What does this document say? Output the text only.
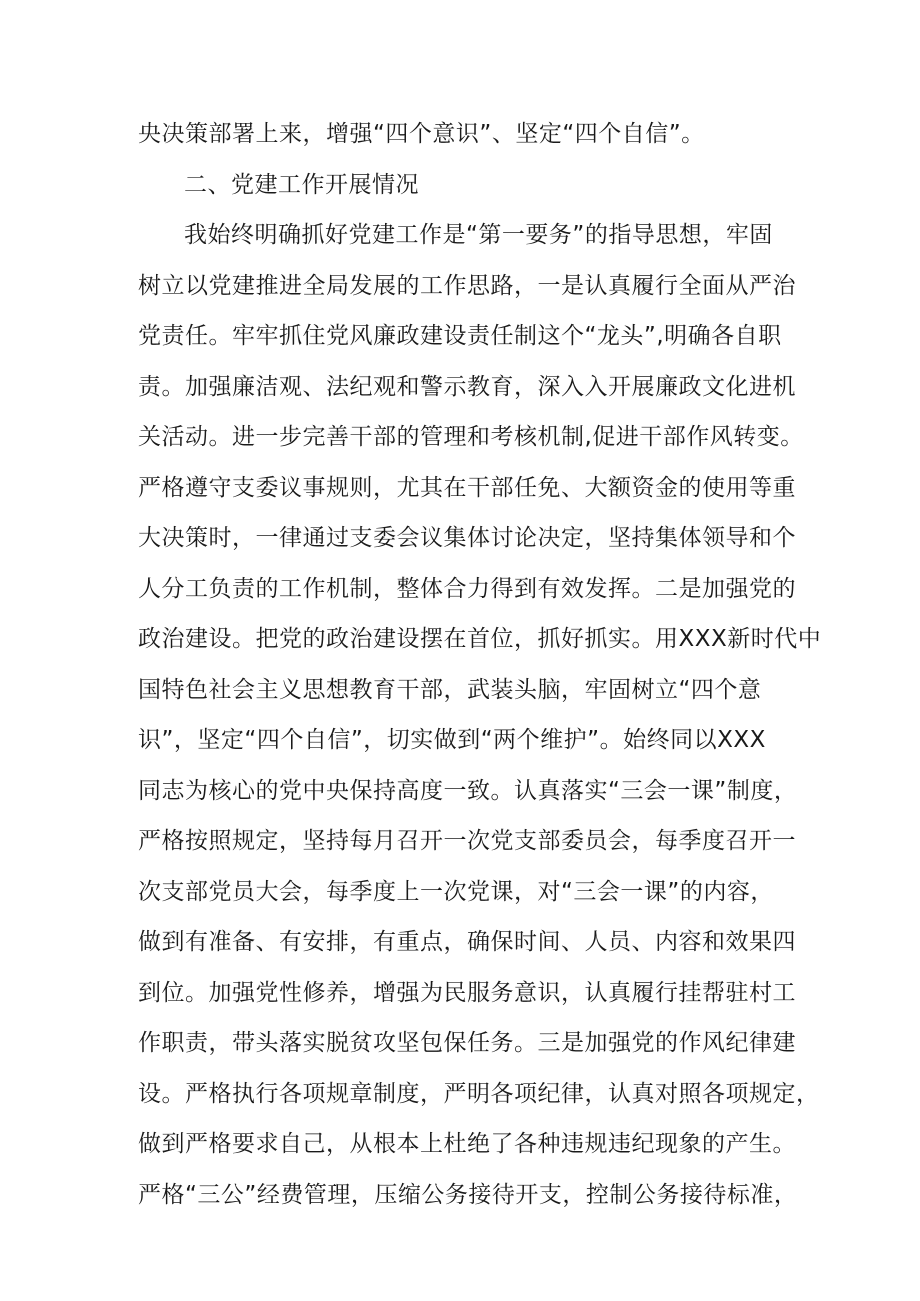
央决策部署上来，增强“四个意识”、坚定“四个自信”。
二、党建工作开展情况
我始终明确抓好党建工作是“第一要务”的指导思想，牢固
树立以党建推进全局发展的工作思路，一是认真履行全面从严治
党责任。牢牢抓住党风廉政建设责任制这个“龙头”,明确各自职
责。加强廉洁观、法纪观和警示教育，深入入开展廉政文化进机
关活动。进一步完善干部的管理和考核机制,促进干部作风转变。
严格遵守支委议事规则，尤其在干部任免、大额资金的使用等重
大决策时，一律通过支委会议集体讨论决定，坚持集体领导和个
人分工负责的工作机制，整体合力得到有效发挥。二是加强党的
政治建设。把党的政治建设摆在首位，抓好抓实。用XXX新时代中
国特色社会主义思想教育干部，武装头脑，牢固树立“四个意
识”，坚定“四个自信”，切实做到“两个维护”。始终同以XXX
同志为核心的党中央保持高度一致。认真落实“三会一课”制度，
严格按照规定，坚持每月召开一次党支部委员会，每季度召开一
次支部党员大会，每季度上一次党课，对“三会一课”的内容，
做到有准备、有安排，有重点，确保时间、人员、内容和效果四
到位。加强党性修养，增强为民服务意识，认真履行挂帮驻村工
作职责，带头落实脱贫攻坚包保任务。三是加强党的作风纪律建
设。严格执行各项规章制度，严明各项纪律，认真对照各项规定，
做到严格要求自己，从根本上杜绝了各种违规违纪现象的产生。
严格“三公”经费管理，压缩公务接待开支，控制公务接待标准，
